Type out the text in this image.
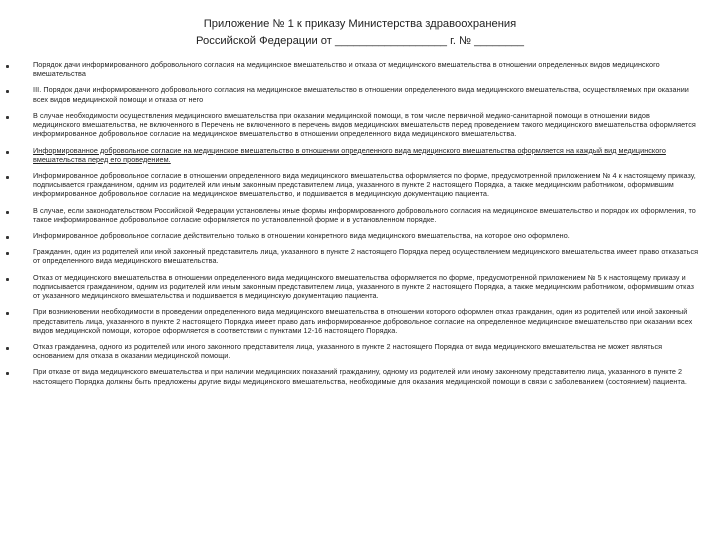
Приложение № 1 к приказу Министерства здравоохранения
Российской Федерации от __________________ г. № ________
Порядок дачи информированного добровольного согласия на медицинское вмешательство и отказа от медицинского вмешательства в отношении определенных видов медицинского вмешательства
III. Порядок дачи информированного добровольного согласия на медицинское вмешательство в отношении определенного вида медицинского вмешательства, осуществляемых при оказании всех видов медицинской помощи и отказа от него
В случае необходимости осуществления медицинского вмешательства при оказании медицинской помощи, в том числе первичной медико-санитарной помощи в отношении видов медицинского вмешательства, не включенного в Перечень не включенного в перечень видов медицинских вмешательств перед проведением такого медицинского вмешательства оформляется информированное добровольное согласие на медицинское вмешательство в отношении определенного вида медицинского вмешательства.
Информированное добровольное согласие на медицинское вмешательство в отношении определенного вида медицинского вмешательства оформляется на каждый вид медицинского вмешательства перед его проведением.
Информированное добровольное согласие в отношении определенного вида медицинского вмешательства оформляется по форме, предусмотренной приложением № 4 к настоящему приказу, подписывается гражданином, одним из родителей или иным законным представителем лица, указанного в пункте 2 настоящего Порядка, а также медицинским работником, оформившим информированное добровольное согласие на медицинское вмешательство, и подшивается в медицинскую документацию пациента.
В случае, если законодательством Российской Федерации установлены иные формы информированного добровольного согласия на медицинское вмешательство и порядок их оформления, то такое информированное добровольное согласие оформляется по установленной форме и в установленном порядке.
Информированное добровольное согласие действительно только в отношении конкретного вида медицинского вмешательства, на которое оно оформлено.
Гражданин, один из родителей или иной законный представитель лица, указанного в пункте 2 настоящего Порядка перед осуществлением медицинского вмешательства имеет право отказаться от определенного вида медицинского вмешательства.
Отказ от медицинского вмешательства в отношении определенного вида медицинского вмешательства оформляется по форме, предусмотренной приложением № 5 к настоящему приказу и подписывается гражданином, одним из родителей или иным законным представителем лица, указанного в пункте 2 настоящего Порядка, а также медицинским работником, оформившим отказ от указанного медицинского вмешательства и подшивается в медицинскую документацию пациента.
При возникновении необходимости в проведении определенного вида медицинского вмешательства в отношении которого оформлен отказ гражданин, один из родителей или иной законный представитель лица, указанного в пункте 2 настоящего Порядка имеет право дать информированное добровольное согласие на определенное медицинское вмешательство при оказании всех видов медицинской помощи, которое оформляется в соответствии с пунктами 12-16 настоящего Порядка.
Отказ гражданина, одного из родителей или иного законного представителя лица, указанного в пункте 2 настоящего Порядка от вида медицинского вмешательства не может являться основанием для отказа в оказании медицинской помощи.
При отказе от вида медицинского вмешательства и при наличии медицинских показаний гражданину, одному из родителей или иному законному представителю лица, указанного в пункте 2 настоящего Порядка должны быть предложены другие виды медицинского вмешательства, необходимые для оказания медицинской помощи в связи с заболеванием (состоянием) пациента.
